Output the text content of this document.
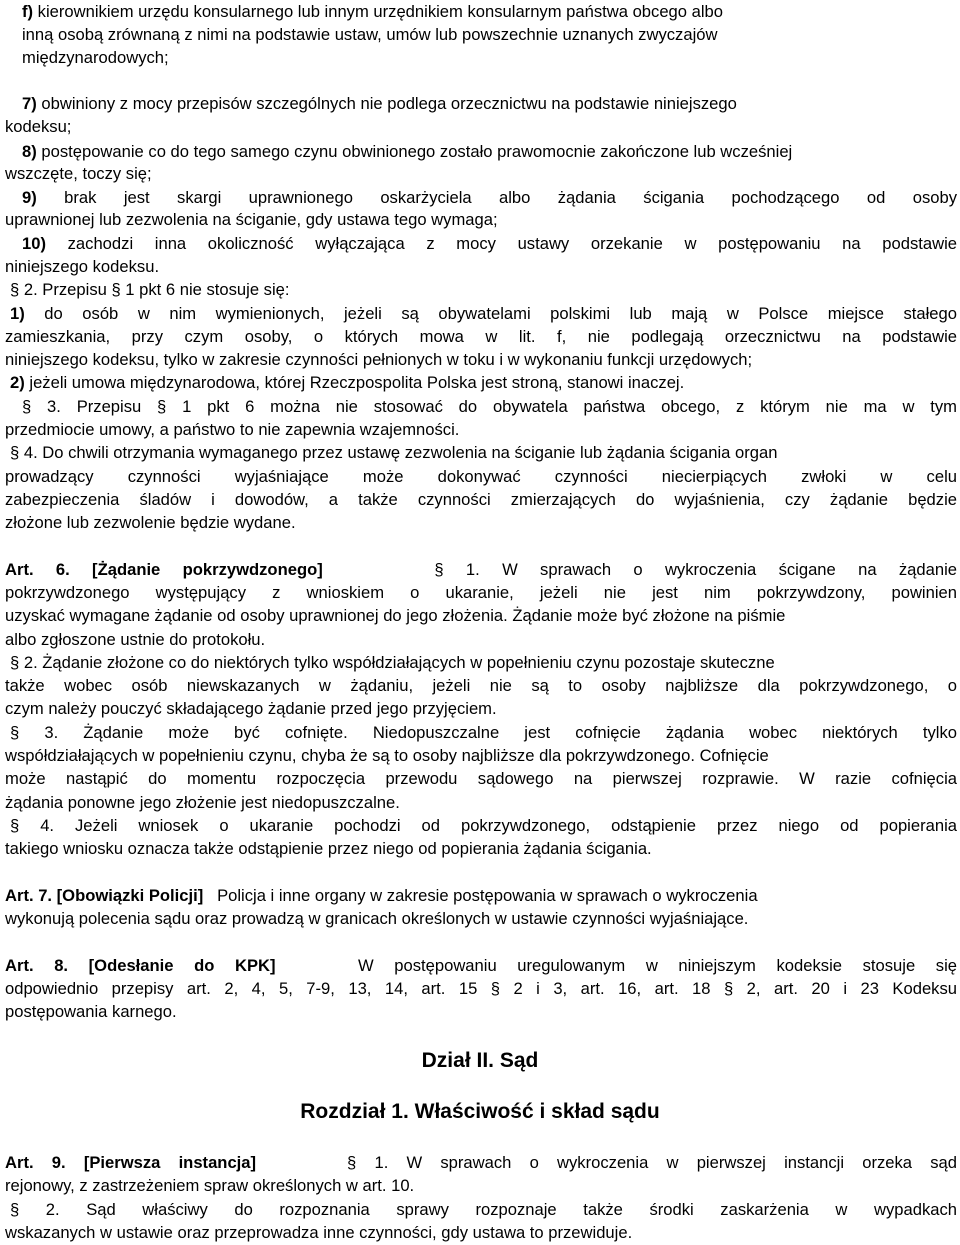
f) kierownikiem urzędu konsularnego lub innym urzędnikiem konsularnym państwa obcego albo
inną osobą zrównaną z nimi na podstawie ustaw, umów lub powszechnie uznanych zwyczajów
międzynarodowych;
7) obwiniony z mocy przepisów szczególnych nie podlega orzecznictwu na podstawie niniejszego
kodeksu;
8) postępowanie co do tego samego czynu obwinionego zostało prawomocnie zakończone lub wcześniej
wszczęte, toczy się;
9) brak jest skargi uprawnionego oskarżyciela albo żądania ścigania pochodzącego od osoby
uprawnionej lub zezwolenia na ściganie, gdy ustawa tego wymaga;
10) zachodzi inna okoliczność wyłączająca z mocy ustawy orzekanie w postępowaniu na podstawie
niniejszego kodeksu.
§ 2. Przepisu § 1 pkt 6 nie stosuje się:
1) do osób w nim wymienionych, jeżeli są obywatelami polskimi lub mają w Polsce miejsce stałego
zamieszkania, przy czym osoby, o których mowa w lit. f, nie podlegają orzecznictwu na podstawie
niniejszego kodeksu, tylko w zakresie czynności pełnionych w toku i w wykonaniu funkcji urzędowych;
2) jeżeli umowa międzynarodowa, której Rzeczpospolita Polska jest stroną, stanowi inaczej.
§ 3. Przepisu § 1 pkt 6 można nie stosować do obywatela państwa obcego, z którym nie ma w tym
przedmiocie umowy, a państwo to nie zapewnia wzajemności.
§ 4. Do chwili otrzymania wymaganego przez ustawę zezwolenia na ściganie lub żądania ścigania organ
prowadzący czynności wyjaśniające może dokonywać czynności niecierpiących zwłoki w celu
zabezpieczenia śladów i dowodów, a także czynności zmierzających do wyjaśnienia, czy żądanie będzie
złożone lub zezwolenie będzie wydane.
Art. 6. [Żądanie pokrzywdzonego]     § 1. W sprawach o wykroczenia ścigane na żądanie
pokrzywdzonego występujący z wnioskiem o ukaranie, jeżeli nie jest nim pokrzywdzony, powinien
uzyskać wymagane żądanie od osoby uprawnionej do jego złożenia. Żądanie może być złożone na piśmie
albo zgłoszone ustnie do protokołu.
§ 2. Żądanie złożone co do niektórych tylko współdziałających w popełnieniu czynu pozostaje skuteczne
także wobec osób niewskazanych w żądaniu, jeżeli nie są to osoby najbliższe dla pokrzywdzonego, o
czym należy pouczyć składającego żądanie przed jego przyjęciem.
§ 3. Żądanie może być cofnięte. Niedopuszczalne jest cofnięcie żądania wobec niektórych tylko
współdziałających w popełnieniu czynu, chyba że są to osoby najbliższe dla pokrzywdzonego. Cofnięcie
może nastąpić do momentu rozpoczęcia przewodu sądowego na pierwszej rozprawie. W razie cofnięcia
żądania ponowne jego złożenie jest niedopuszczalne.
§ 4. Jeżeli wniosek o ukaranie pochodzi od pokrzywdzonego, odstąpienie przez niego od popierania
takiego wniosku oznacza także odstąpienie przez niego od popierania żądania ścigania.
Art. 7. [Obowiązki Policji]   Policja i inne organy w zakresie postępowania w sprawach o wykroczenia
wykonują polecenia sądu oraz prowadzą w granicach określonych w ustawie czynności wyjaśniające.
Art. 8. [Odesłanie do KPK]    W postępowaniu uregulowanym w niniejszym kodeksie stosuje się
odpowiednio przepisy art. 2, 4, 5, 7-9, 13, 14, art. 15 § 2 i 3, art. 16, art. 18 § 2, art. 20 i 23 Kodeksu
postępowania karnego.
Art. 9. [Pierwsza instancja]     § 1. W sprawach o wykroczenia w pierwszej instancji orzeka sąd
rejonowy, z zastrzeżeniem spraw określonych w art. 10.
§ 2. Sąd właściwy do rozpoznania sprawy rozpoznaje także środki zaskarżenia w wypadkach
wskazanych w ustawie oraz przeprowadza inne czynności, gdy ustawa to przewiduje.
Dział II. Sąd
Rozdział 1. Właściwość i skład sądu
